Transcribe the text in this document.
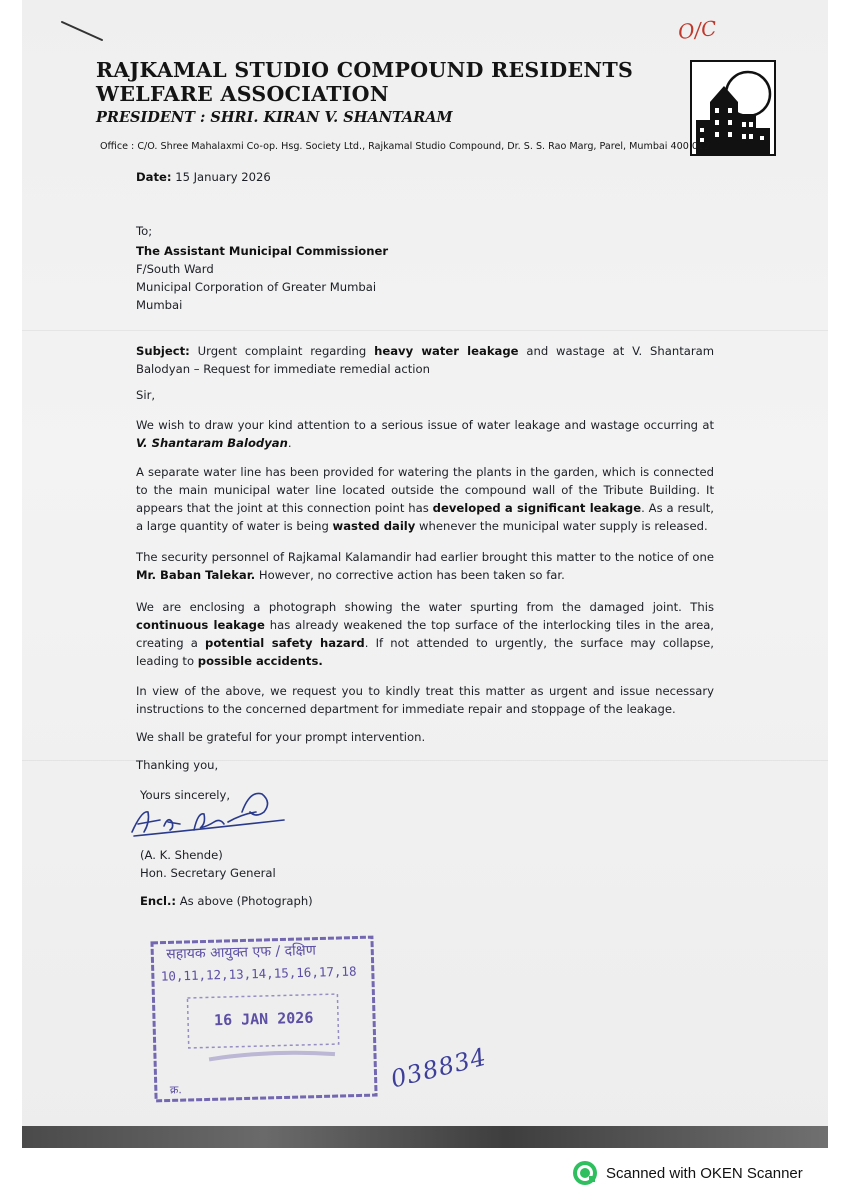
O/C
RAJKAMAL STUDIO COMPOUND RESIDENTS
WELFARE ASSOCIATION
PRESIDENT : SHRI. KIRAN V. SHANTARAM
Office : C/O. Shree Mahalaxmi Co-op. Hsg. Society Ltd., Rajkamal Studio Compound, Dr. S. S. Rao Marg, Parel, Mumbai 400 012
Date: 15 January 2026
To;
The Assistant Municipal Commissioner
F/South Ward
Municipal Corporation of Greater Mumbai
Mumbai
Subject: Urgent complaint regarding heavy water leakage and wastage at V. Shantaram Balodyan – Request for immediate remedial action
Sir,
We wish to draw your kind attention to a serious issue of water leakage and wastage occurring at V. Shantaram Balodyan.
A separate water line has been provided for watering the plants in the garden, which is connected to the main municipal water line located outside the compound wall of the Tribute Building. It appears that the joint at this connection point has developed a significant leakage. As a result, a large quantity of water is being wasted daily whenever the municipal water supply is released.
The security personnel of Rajkamal Kalamandir had earlier brought this matter to the notice of one Mr. Baban Talekar. However, no corrective action has been taken so far.
We are enclosing a photograph showing the water spurting from the damaged joint. This continuous leakage has already weakened the top surface of the interlocking tiles in the area, creating a potential safety hazard. If not attended to urgently, the surface may collapse, leading to possible accidents.
In view of the above, we request you to kindly treat this matter as urgent and issue necessary instructions to the concerned department for immediate repair and stoppage of the leakage.
We shall be grateful for your prompt intervention.
Thanking you,
Yours sincerely,
(A. K. Shende)
Hon. Secretary General
Encl.: As above (Photograph)
सहायक आयुक्त एफ / दक्षिण
10,11,12,13,14,15,16,17,18
16 JAN 2026
क्र.	038834
Scanned with OKEN Scanner
